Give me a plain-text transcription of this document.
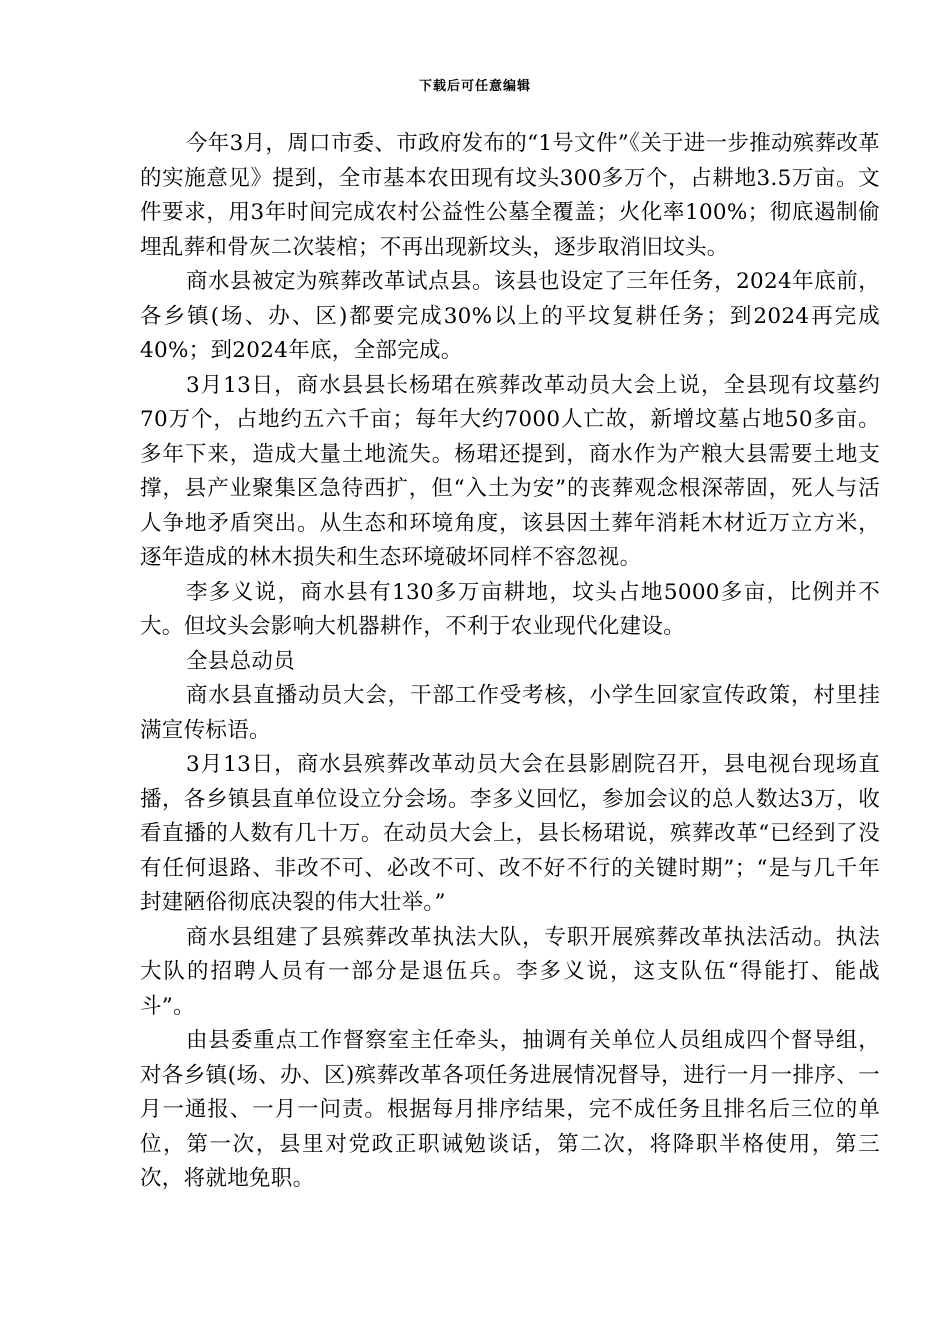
下载后可任意编辑

今年3月，周口市委、市政府发布的“1号文件”《关于进一步推动殡葬改革的实施意见》提到，全市基本农田现有坟头300多万个，占耕地3.5万亩。文件要求，用3年时间完成农村公益性公墓全覆盖；火化率100%；彻底遏制偷埋乱葬和骨灰二次装棺；不再出现新坟头，逐步取消旧坟头。

商水县被定为殡葬改革试点县。该县也设定了三年任务，2024年底前，各乡镇(场、办、区)都要完成30%以上的平坟复耕任务；到2024再完成40%；到2024年底，全部完成。

3月13日，商水县县长杨珺在殡葬改革动员大会上说，全县现有坟墓约70万个，占地约五六千亩；每年大约7000人亡故，新增坟墓占地50多亩。多年下来，造成大量土地流失。杨珺还提到，商水作为产粮大县需要土地支撑，县产业聚集区急待西扩，但“入土为安”的丧葬观念根深蒂固，死人与活人争地矛盾突出。从生态和环境角度，该县因土葬年消耗木材近万立方米，逐年造成的林木损失和生态环境破坏同样不容忽视。

李多义说，商水县有130多万亩耕地，坟头占地5000多亩，比例并不大。但坟头会影响大机器耕作，不利于农业现代化建设。

全县总动员

商水县直播动员大会，干部工作受考核，小学生回家宣传政策，村里挂满宣传标语。

3月13日，商水县殡葬改革动员大会在县影剧院召开，县电视台现场直播，各乡镇县直单位设立分会场。李多义回忆，参加会议的总人数达3万，收看直播的人数有几十万。在动员大会上，县长杨珺说，殡葬改革“已经到了没有任何退路、非改不可、必改不可、改不好不行的关键时期”；“是与几千年封建陋俗彻底决裂的伟大壮举。”

商水县组建了县殡葬改革执法大队，专职开展殡葬改革执法活动。执法大队的招聘人员有一部分是退伍兵。李多义说，这支队伍“得能打、能战斗”。

由县委重点工作督察室主任牵头，抽调有关单位人员组成四个督导组，对各乡镇(场、办、区)殡葬改革各项任务进展情况督导，进行一月一排序、一月一通报、一月一问责。根据每月排序结果，完不成任务且排名后三位的单位，第一次，县里对党政正职诫勉谈话，第二次，将降职半格使用，第三次，将就地免职。
